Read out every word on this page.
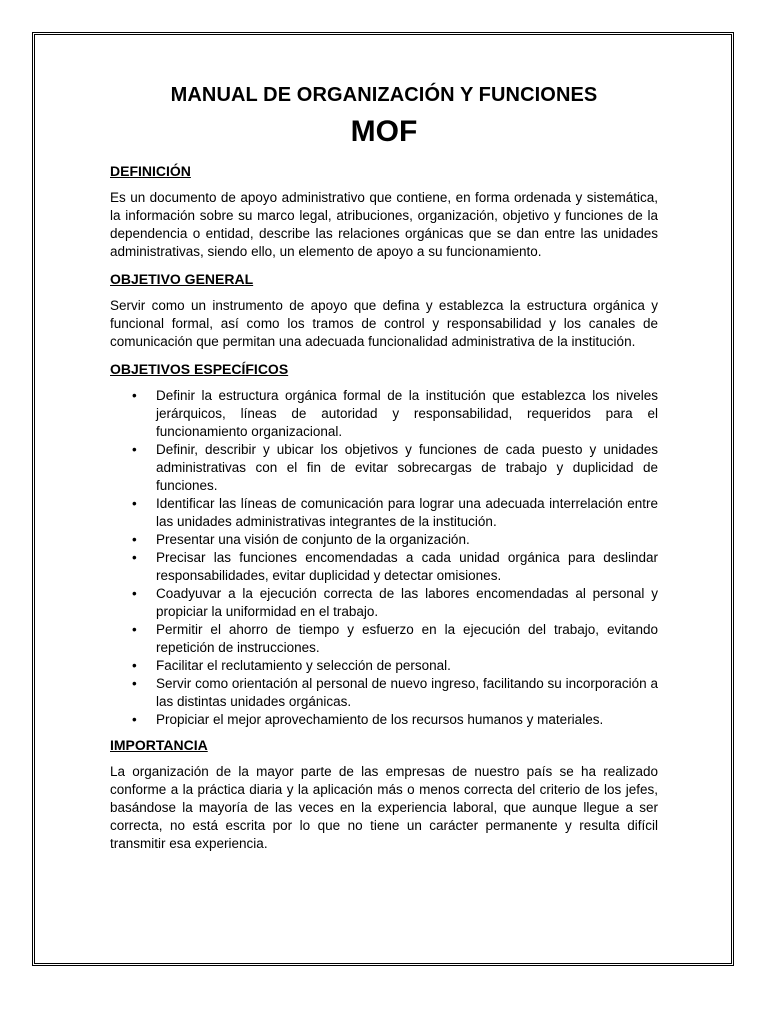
MANUAL DE ORGANIZACIÓN Y FUNCIONES
MOF
DEFINICIÓN

Es un documento de apoyo administrativo que contiene, en forma ordenada y sistemática, la información sobre su marco legal, atribuciones, organización, objetivo y funciones de la dependencia o entidad, describe las relaciones orgánicas que se dan entre las unidades administrativas, siendo ello, un elemento de apoyo a su funcionamiento.

OBJETIVO GENERAL

Servir como un instrumento de apoyo que defina y establezca la estructura orgánica y funcional formal, así como los tramos de control y responsabilidad y los canales de comunicación que permitan una adecuada funcionalidad administrativa de la institución.

OBJETIVOS ESPECÍFICOS
• Definir la estructura orgánica formal de la institución que establezca los niveles jerárquicos, líneas de autoridad y responsabilidad, requeridos para el funcionamiento organizacional.
• Definir, describir y ubicar los objetivos y funciones de cada puesto y unidades administrativas con el fin de evitar sobrecargas de trabajo y duplicidad de funciones.
• Identificar las líneas de comunicación para lograr una adecuada interrelación entre las unidades administrativas integrantes de la institución.
• Presentar una visión de conjunto de la organización.
• Precisar las funciones encomendadas a cada unidad orgánica para deslindar responsabilidades, evitar duplicidad y detectar omisiones.
• Coadyuvar a la ejecución correcta de las labores encomendadas al personal y propiciar la uniformidad en el trabajo.
• Permitir el ahorro de tiempo y esfuerzo en la ejecución del trabajo, evitando repetición de instrucciones.
• Facilitar el reclutamiento y selección de personal.
• Servir como orientación al personal de nuevo ingreso, facilitando su incorporación a las distintas unidades orgánicas.
• Propiciar el mejor aprovechamiento de los recursos humanos y materiales.
IMPORTANCIA

La organización de la mayor parte de las empresas de nuestro país se ha realizado conforme a la práctica diaria y la aplicación más o menos correcta del criterio de los jefes, basándose la mayoría de las veces en la experiencia laboral, que aunque llegue a ser correcta, no está escrita por lo que no tiene un carácter permanente y resulta difícil transmitir esa experiencia.
